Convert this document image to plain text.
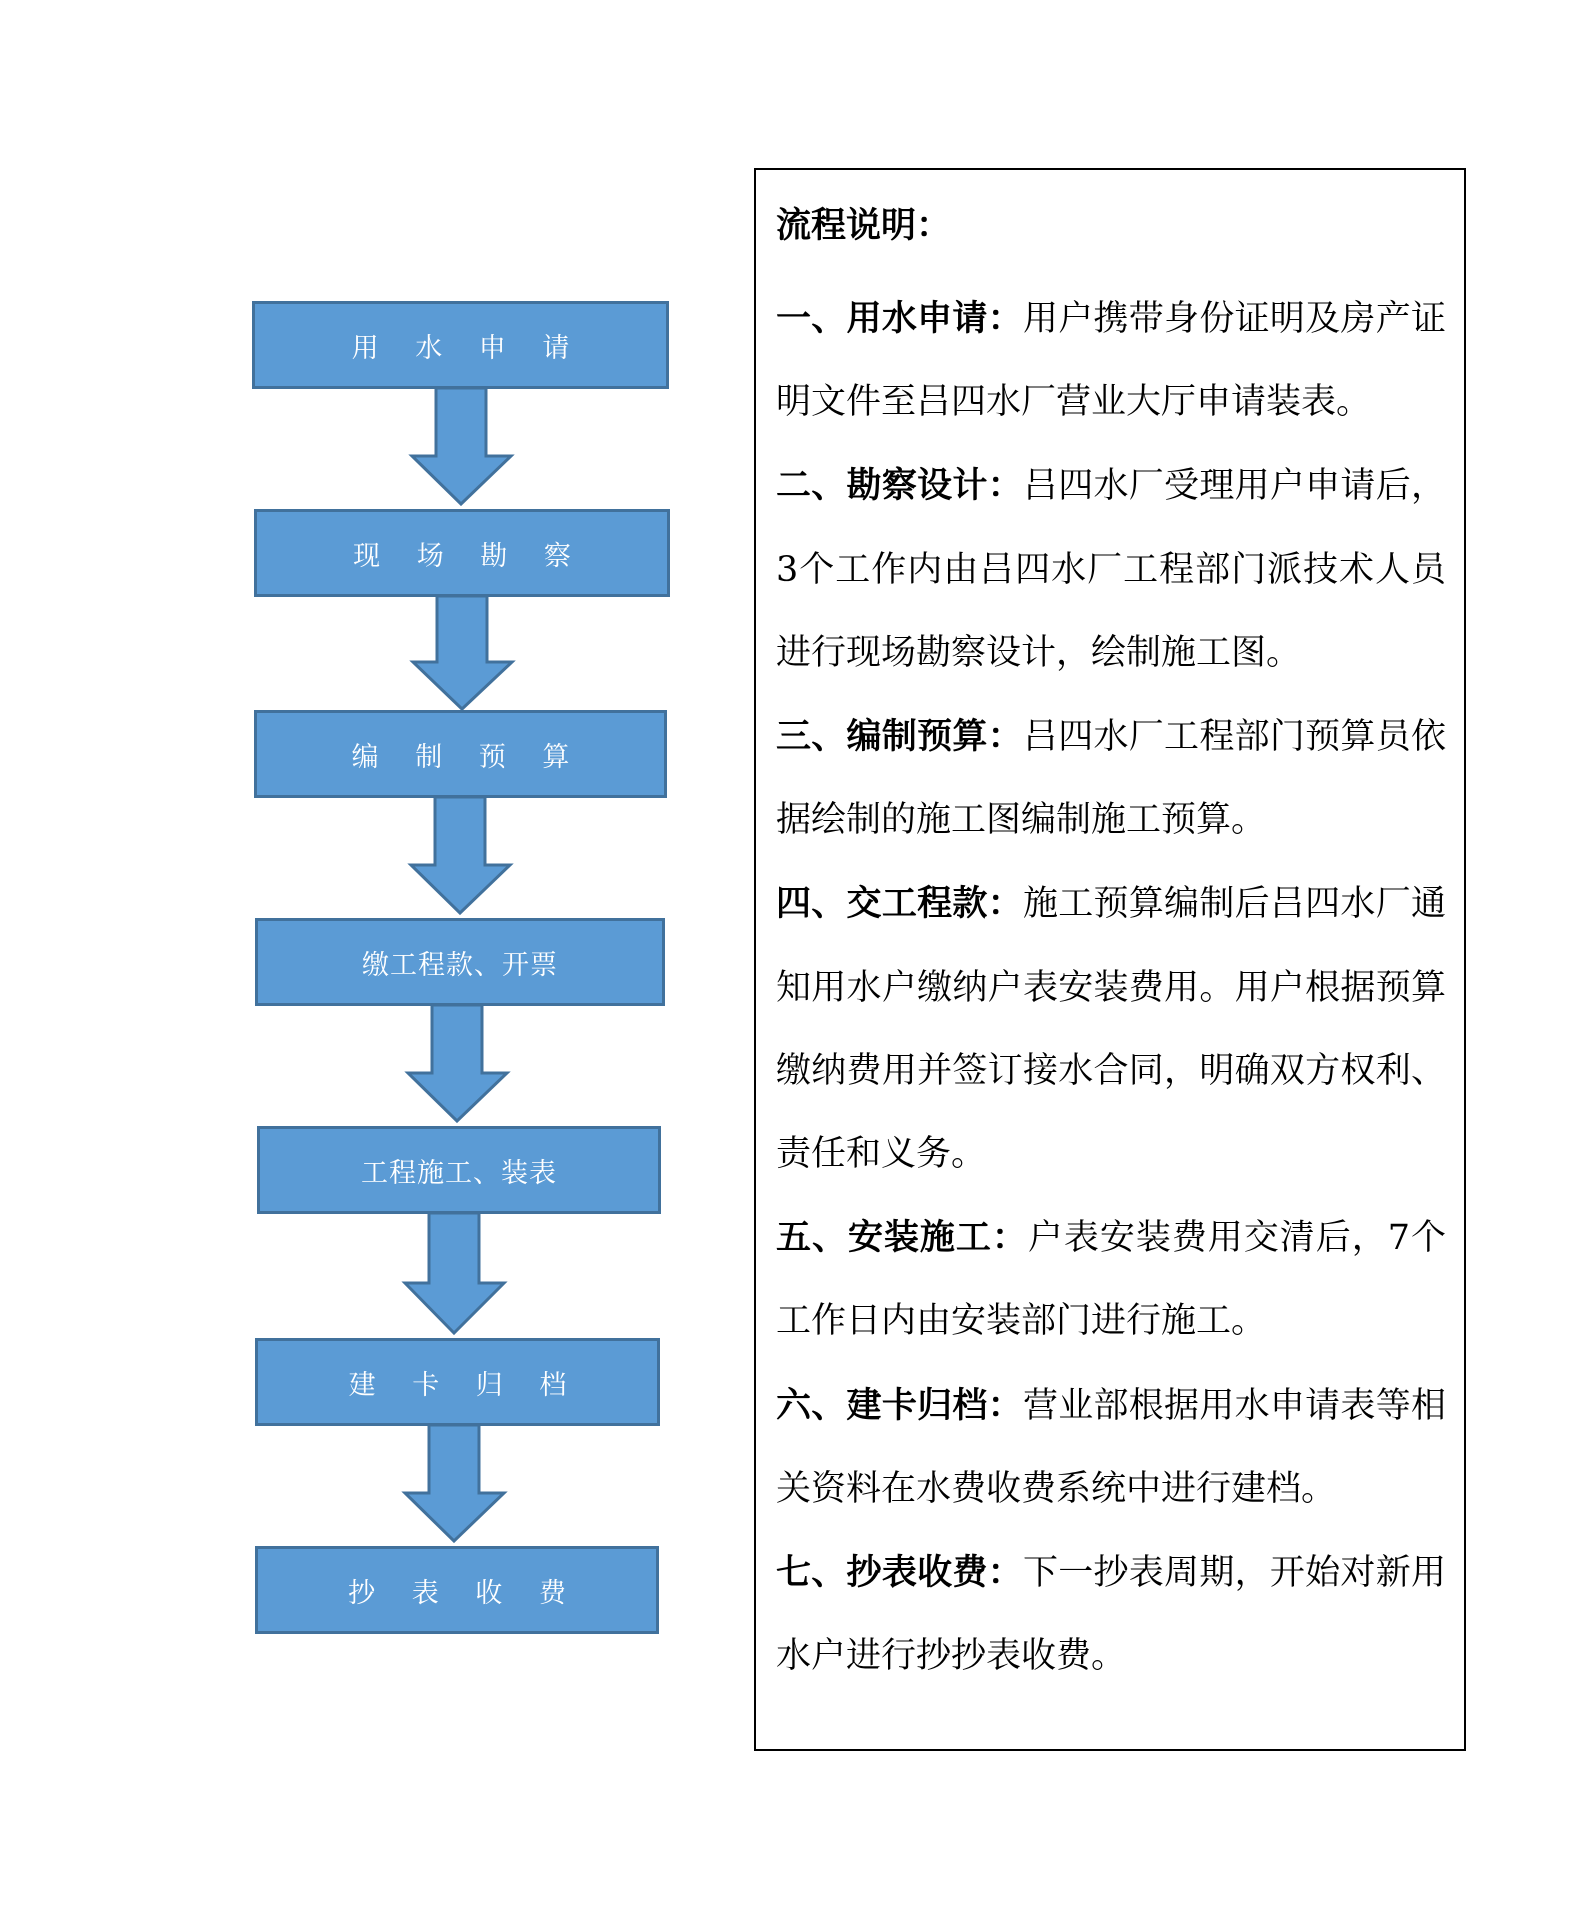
用 水 申 请
现 场 勘 察
编 制 预 算
缴工程款、开票
工程施工、装表
建 卡 归 档
抄 表 收 费
流程说明：
一、用水申请：用户携带身份证明及房产证明文件至吕四水厂营业大厅申请装表。
二、勘察设计：吕四水厂受理用户申请后，3个工作内由吕四水厂工程部门派技术人员进行现场勘察设计，绘制施工图。
三、编制预算：吕四水厂工程部门预算员依据绘制的施工图编制施工预算。
四、交工程款：施工预算编制后吕四水厂通知用水户缴纳户表安装费用。用户根据预算缴纳费用并签订接水合同，明确双方权利、责任和义务。
五、安装施工：户表安装费用交清后，7个工作日内由安装部门进行施工。
六、建卡归档：营业部根据用水申请表等相关资料在水费收费系统中进行建档。
七、抄表收费：下一抄表周期，开始对新用水户进行抄抄表收费。
